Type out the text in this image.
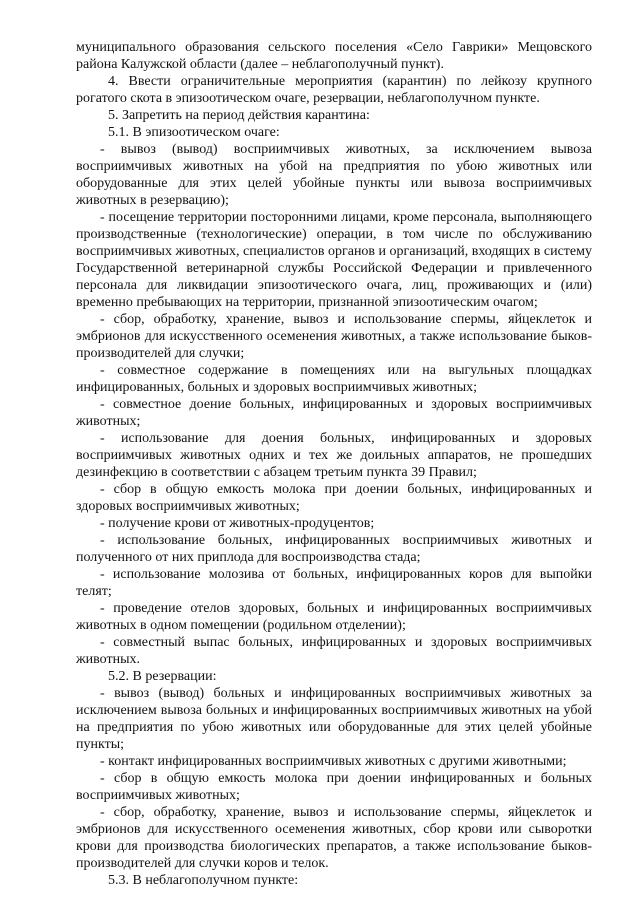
муниципального образования сельского поселения «Село Гаврики» Мещовского района Калужской области (далее – неблагополучный пункт).

4. Ввести ограничительные мероприятия (карантин) по лейкозу крупного рогатого скота в эпизоотическом очаге, резервации, неблагополучном пункте.

5. Запретить на период действия карантина:

5.1. В эпизоотическом очаге:

- вывоз (вывод) восприимчивых животных, за исключением вывоза восприимчивых животных на убой на предприятия по убою животных или оборудованные для этих целей убойные пункты или вывоза восприимчивых животных в резервацию);

- посещение территории посторонними лицами, кроме персонала, выполняющего производственные (технологические) операции, в том числе по обслуживанию восприимчивых животных, специалистов органов и организаций, входящих в систему Государственной ветеринарной службы Российской Федерации и привлеченного персонала для ликвидации эпизоотического очага, лиц, проживающих и (или) временно пребывающих на территории, признанной эпизоотическим очагом;

- сбор, обработку, хранение, вывоз и использование спермы, яйцеклеток и эмбрионов для искусственного осеменения животных, а также использование быков-производителей для случки;

- совместное содержание в помещениях или на выгульных площадках инфицированных, больных и здоровых восприимчивых животных;

- совместное доение больных, инфицированных и здоровых восприимчивых животных;

- использование для доения больных, инфицированных и здоровых восприимчивых животных одних и тех же доильных аппаратов, не прошедших дезинфекцию в соответствии с абзацем третьим пункта 39 Правил;

- сбор в общую емкость молока при доении больных, инфицированных и здоровых восприимчивых животных;

- получение крови от животных-продуцентов;

- использование больных, инфицированных восприимчивых животных и полученного от них приплода для воспроизводства стада;

- использование молозива от больных, инфицированных коров для выпойки телят;

- проведение отелов здоровых, больных и инфицированных восприимчивых животных в одном помещении (родильном отделении);

- совместный выпас больных, инфицированных и здоровых восприимчивых животных.

5.2. В резервации:

- вывоз (вывод) больных и инфицированных восприимчивых животных за исключением вывоза больных и инфицированных восприимчивых животных на убой на предприятия по убою животных или оборудованные для этих целей убойные пункты;

- контакт инфицированных восприимчивых животных с другими животными;

- сбор в общую емкость молока при доении инфицированных и больных восприимчивых животных;

- сбор, обработку, хранение, вывоз и использование спермы, яйцеклеток и эмбрионов для искусственного осеменения животных, сбор крови или сыворотки крови для производства биологических препаратов, а также использование быков-производителей для случки коров и телок.

5.3. В неблагополучном пункте:
